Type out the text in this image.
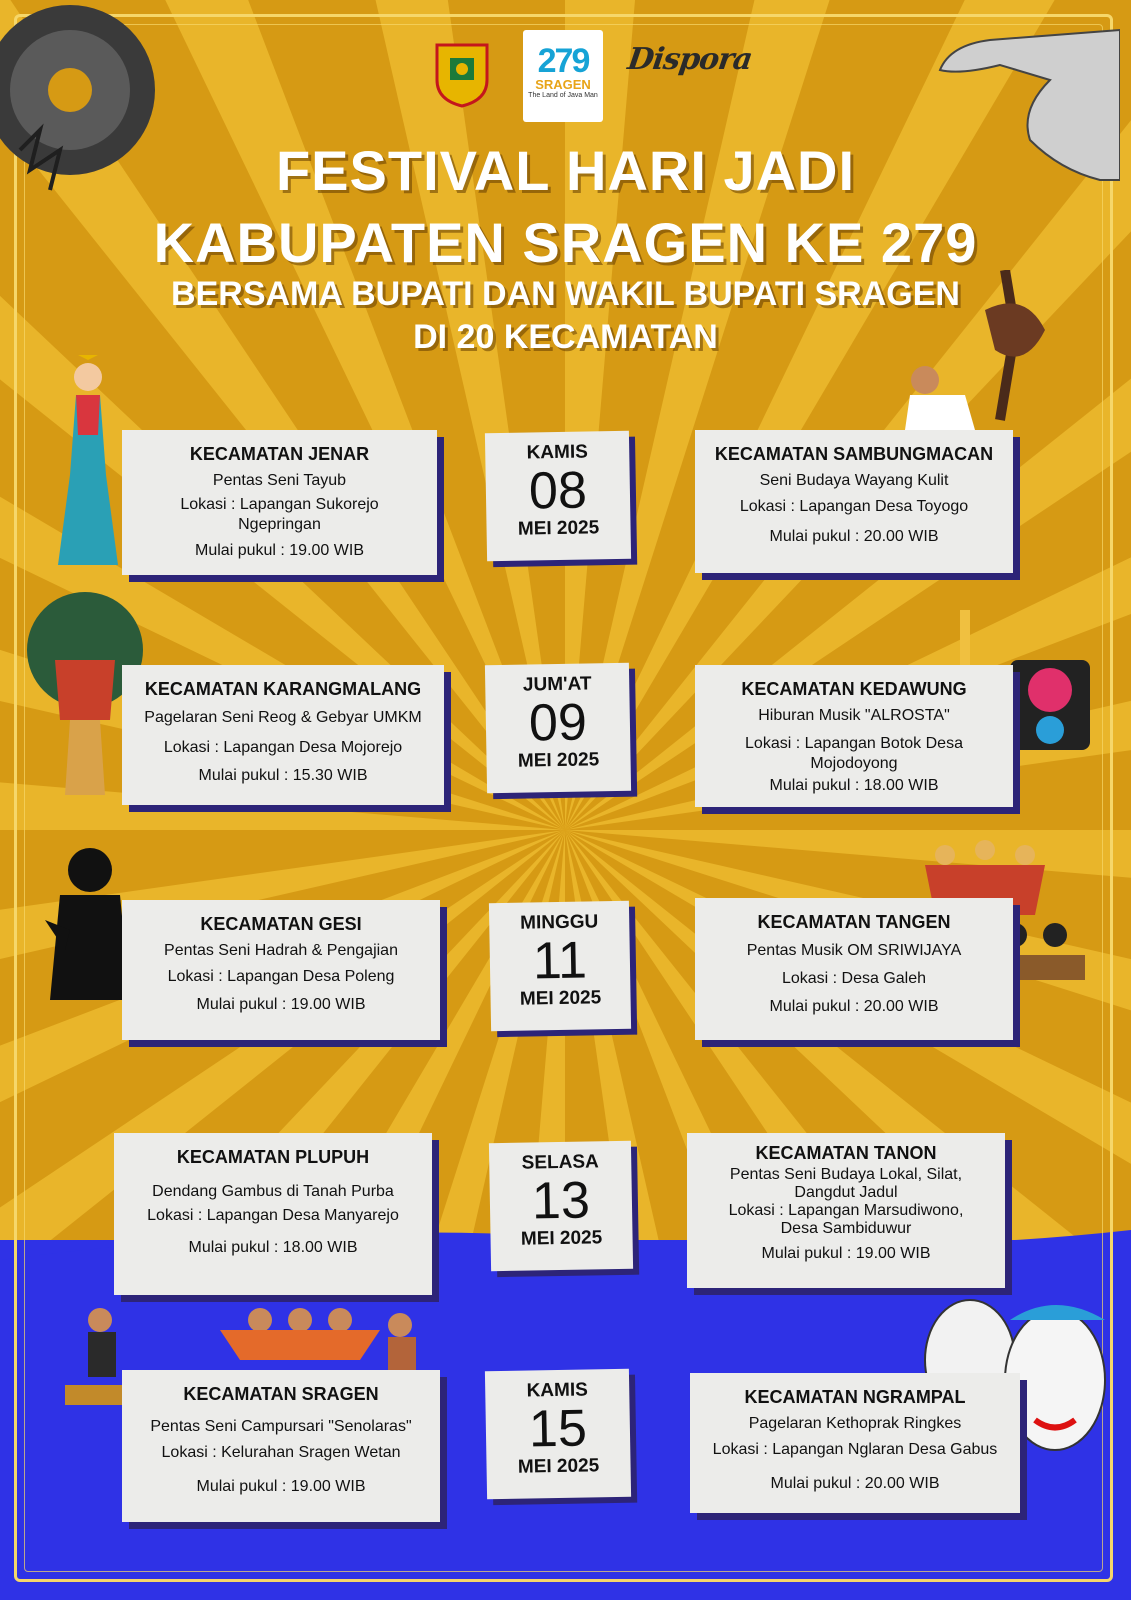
279
SRAGEN
The Land of Java Man
Dispora
FESTIVAL HARI JADI
KABUPATEN SRAGEN KE 279
BERSAMA BUPATI DAN WAKIL BUPATI SRAGEN
DI 20 KECAMATAN
KECAMATAN JENAR
Pentas Seni Tayub
Lokasi : Lapangan Sukorejo
Ngepringan
Mulai pukul : 19.00 WIB
KAMIS
08
MEI 2025
KECAMATAN SAMBUNGMACAN
Seni Budaya Wayang Kulit
Lokasi : Lapangan Desa Toyogo
Mulai pukul : 20.00 WIB
KECAMATAN KARANGMALANG
Pagelaran Seni Reog & Gebyar UMKM
Lokasi : Lapangan Desa Mojorejo
Mulai pukul : 15.30 WIB
JUM'AT
09
MEI 2025
KECAMATAN KEDAWUNG
Hiburan Musik "ALROSTA"
Lokasi : Lapangan Botok Desa
Mojodoyong
Mulai pukul : 18.00 WIB
KECAMATAN GESI
Pentas Seni Hadrah & Pengajian
Lokasi : Lapangan Desa Poleng
Mulai pukul : 19.00 WIB
MINGGU
11
MEI 2025
KECAMATAN TANGEN
Pentas Musik OM SRIWIJAYA
Lokasi : Desa Galeh
Mulai pukul : 20.00 WIB
KECAMATAN PLUPUH
Dendang Gambus di Tanah Purba
Lokasi : Lapangan Desa Manyarejo
Mulai pukul : 18.00 WIB
SELASA
13
MEI 2025
KECAMATAN TANON
Pentas Seni Budaya Lokal, Silat,
Dangdut Jadul
Lokasi : Lapangan Marsudiwono,
Desa Sambiduwur
Mulai pukul : 19.00 WIB
KECAMATAN SRAGEN
Pentas Seni Campursari "Senolaras"
Lokasi : Kelurahan Sragen Wetan
Mulai pukul : 19.00 WIB
KAMIS
15
MEI 2025
KECAMATAN NGRAMPAL
Pagelaran Kethoprak Ringkes
Lokasi : Lapangan Nglaran Desa Gabus
Mulai pukul : 20.00 WIB
